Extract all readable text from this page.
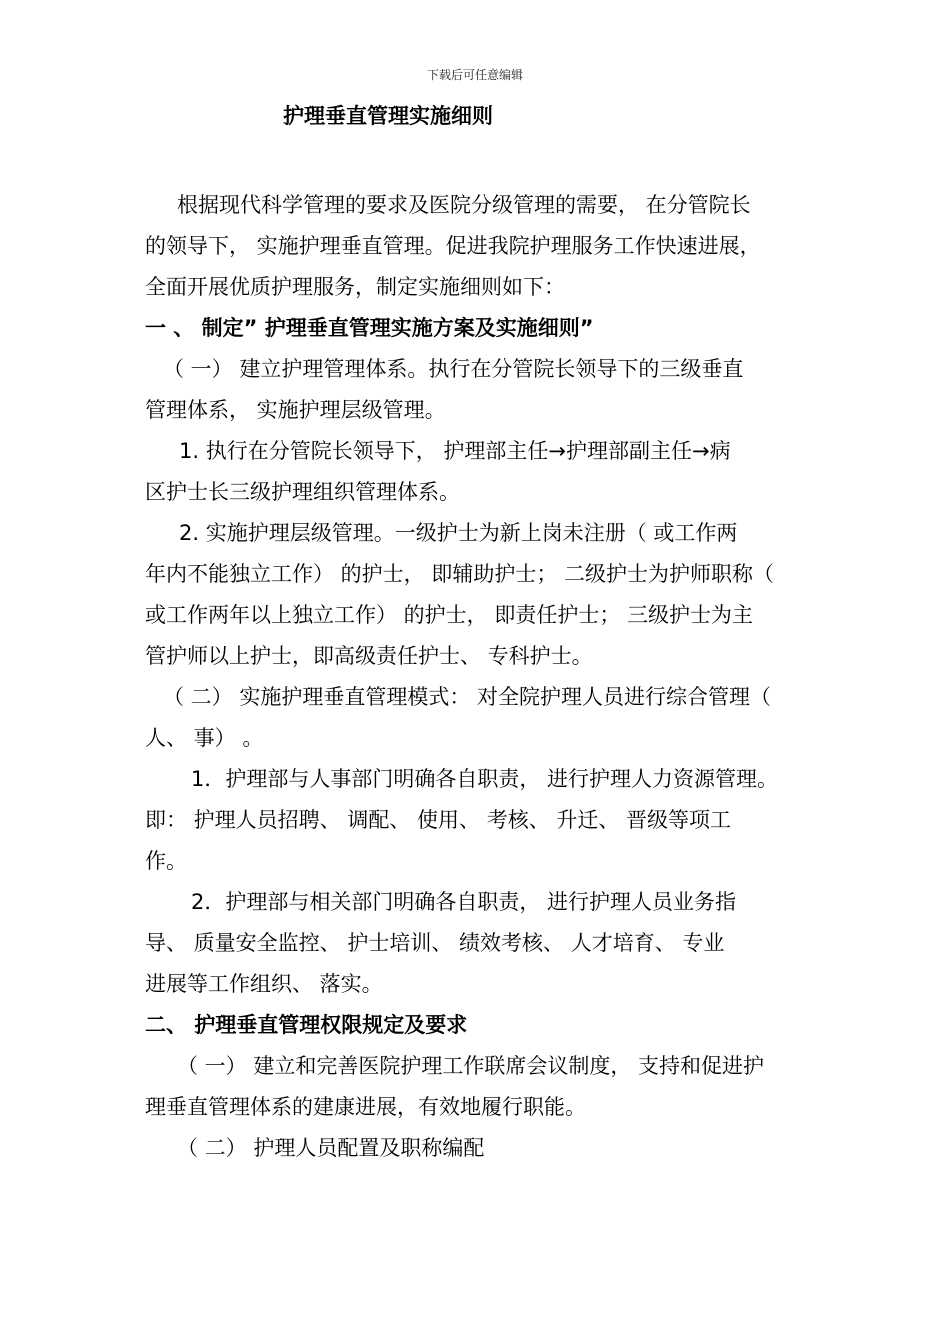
下载后可任意编辑
护理垂直管理实施细则
根据现代科学管理的要求及医院分级管理的需要， 在分管院长
的领导下， 实施护理垂直管理。促进我院护理服务工作快速进展，
全面开展优质护理服务，制定实施细则如下：
一 、 制定” 护理垂直管理实施方案及实施细则”
（ 一） 建立护理管理体系。执行在分管院长领导下的三级垂直
管理体系， 实施护理层级管理。
1. 执行在分管院长领导下， 护理部主任→护理部副主任→病
区护士长三级护理组织管理体系。
2. 实施护理层级管理。一级护士为新上岗未注册（ 或工作两
年内不能独立工作） 的护士， 即辅助护士； 二级护士为护师职称（
或工作两年以上独立工作） 的护士， 即责任护士； 三级护士为主
管护师以上护士，即高级责任护士、 专科护士。
（ 二） 实施护理垂直管理模式： 对全院护理人员进行综合管理（
人、 事） 。
1．护理部与人事部门明确各自职责， 进行护理人力资源管理。
即： 护理人员招聘、 调配、 使用、 考核、 升迁、 晋级等项工
作。
2．护理部与相关部门明确各自职责， 进行护理人员业务指
导、 质量安全监控、 护士培训、 绩效考核、 人才培育、 专业
进展等工作组织、 落实。
二、 护理垂直管理权限规定及要求
（ 一） 建立和完善医院护理工作联席会议制度， 支持和促进护
理垂直管理体系的建康进展，有效地履行职能。
（ 二） 护理人员配置及职称编配
